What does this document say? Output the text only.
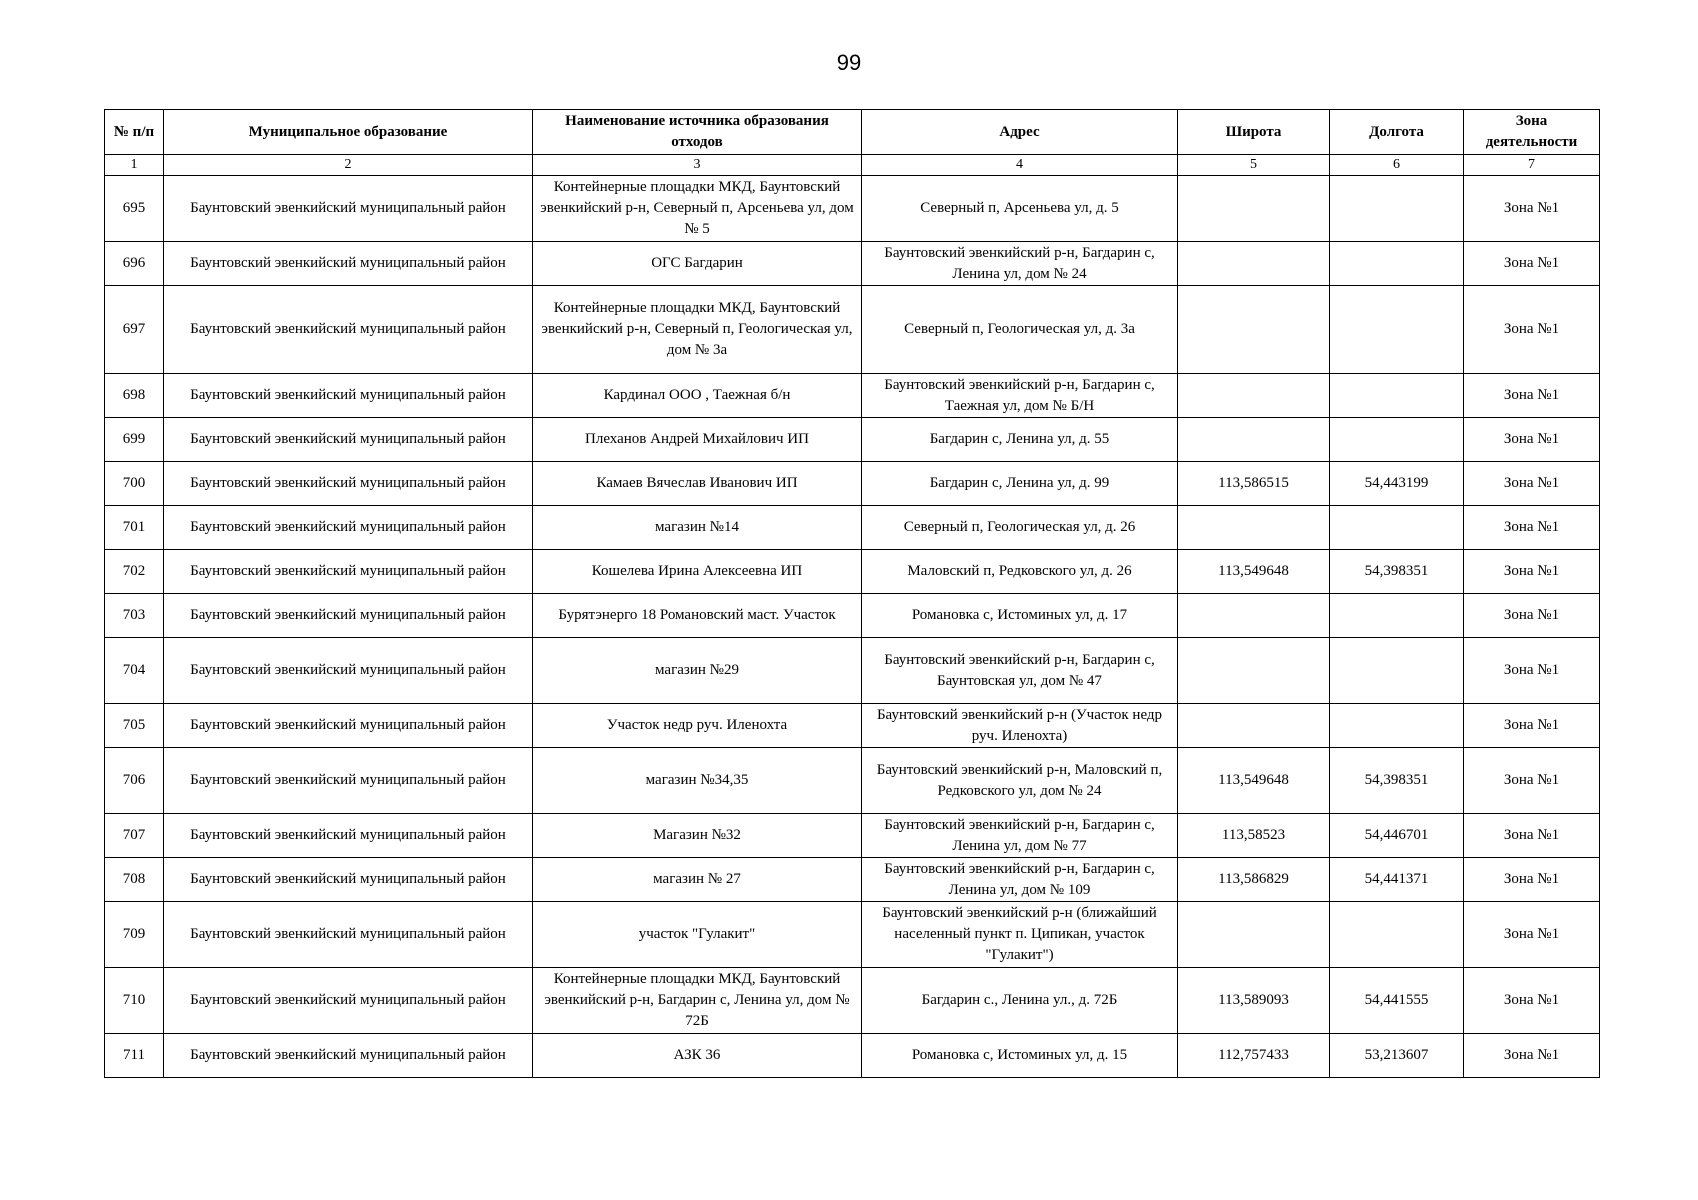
99
№ п/п	Муниципальное образование	Наименование источника образования отходов	Адрес	Широта	Долгота	Зона деятельности
1	2	3	4	5	6	7
695	Баунтовский эвенкийский муниципальный район	Контейнерные площадки МКД, Баунтовский эвенкийский р-н, Северный п, Арсеньева ул, дом № 5	Северный п, Арсеньева ул, д. 5			Зона №1
696	Баунтовский эвенкийский муниципальный район	ОГС Багдарин	Баунтовский эвенкийский р-н, Багдарин с, Ленина ул, дом № 24			Зона №1
697	Баунтовский эвенкийский муниципальный район	Контейнерные площадки МКД, Баунтовский эвенкийский р-н, Северный п, Геологическая ул, дом № 3а	Северный п, Геологическая ул, д. 3а			Зона №1
698	Баунтовский эвенкийский муниципальный район	Кардинал ООО , Таежная б/н	Баунтовский эвенкийский р-н, Багдарин с, Таежная ул, дом № Б/Н			Зона №1
699	Баунтовский эвенкийский муниципальный район	Плеханов Андрей Михайлович ИП	Багдарин с, Ленина ул, д. 55			Зона №1
700	Баунтовский эвенкийский муниципальный район	Камаев Вячеслав Иванович ИП	Багдарин с, Ленина ул, д. 99	113,586515	54,443199	Зона №1
701	Баунтовский эвенкийский муниципальный район	магазин №14	Северный п, Геологическая ул, д. 26			Зона №1
702	Баунтовский эвенкийский муниципальный район	Кошелева Ирина Алексеевна ИП	Маловский п, Редковского ул, д. 26	113,549648	54,398351	Зона №1
703	Баунтовский эвенкийский муниципальный район	Бурятэнерго 18 Романовский маст. Участок	Романовка с, Истоминых ул, д. 17			Зона №1
704	Баунтовский эвенкийский муниципальный район	магазин №29	Баунтовский эвенкийский р-н, Багдарин с, Баунтовская ул, дом № 47			Зона №1
705	Баунтовский эвенкийский муниципальный район	Участок недр руч. Иленохта	Баунтовский эвенкийский р-н (Участок недр руч. Иленохта)			Зона №1
706	Баунтовский эвенкийский муниципальный район	магазин №34,35	Баунтовский эвенкийский р-н, Маловский п, Редковского ул, дом № 24	113,549648	54,398351	Зона №1
707	Баунтовский эвенкийский муниципальный район	Магазин №32	Баунтовский эвенкийский р-н, Багдарин с, Ленина ул, дом № 77	113,58523	54,446701	Зона №1
708	Баунтовский эвенкийский муниципальный район	магазин № 27	Баунтовский эвенкийский р-н, Багдарин с, Ленина ул, дом № 109	113,586829	54,441371	Зона №1
709	Баунтовский эвенкийский муниципальный район	участок "Гулакит"	Баунтовский эвенкийский р-н (ближайший населенный пункт п. Ципикан, участок "Гулакит")			Зона №1
710	Баунтовский эвенкийский муниципальный район	Контейнерные площадки МКД, Баунтовский эвенкийский р-н, Багдарин с, Ленина ул, дом № 72Б	Багдарин с., Ленина ул., д. 72Б	113,589093	54,441555	Зона №1
711	Баунтовский эвенкийский муниципальный район	АЗК 36	Романовка с, Истоминых ул, д. 15	112,757433	53,213607	Зона №1
